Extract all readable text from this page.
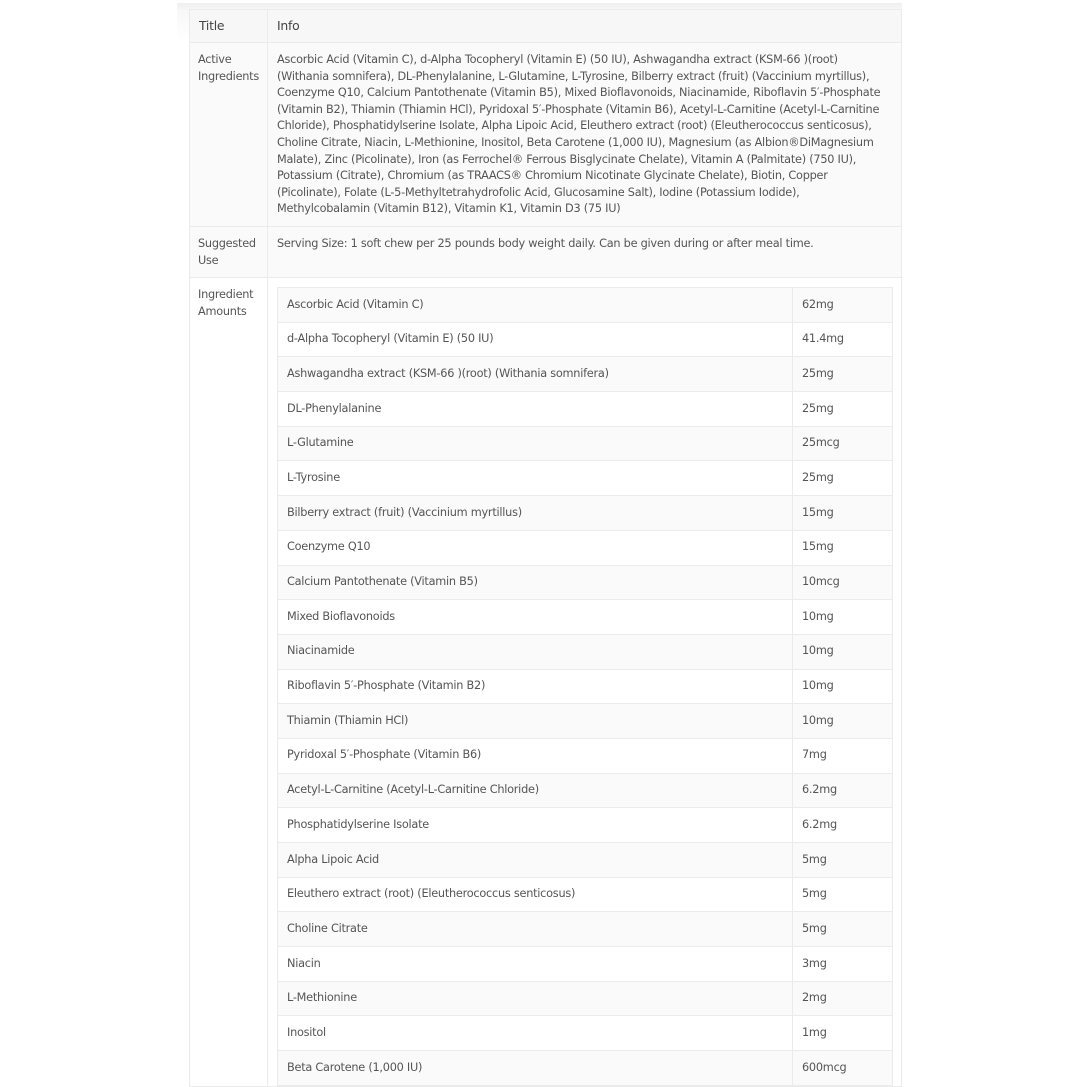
Title	Info
Active Ingredients	Ascorbic Acid (Vitamin C), d-Alpha Tocopheryl (Vitamin E) (50 IU), Ashwagandha extract (KSM-66 )(root) (Withania somnifera), DL-Phenylalanine, L-Glutamine, L-Tyrosine, Bilberry extract (fruit) (Vaccinium myrtillus), Coenzyme Q10, Calcium Pantothenate (Vitamin B5), Mixed Bioflavonoids, Niacinamide, Riboflavin 5′-Phosphate (Vitamin B2), Thiamin (Thiamin HCl), Pyridoxal 5′-Phosphate (Vitamin B6), Acetyl-L-Carnitine (Acetyl-L-Carnitine Chloride), Phosphatidylserine Isolate, Alpha Lipoic Acid, Eleuthero extract (root) (Eleutherococcus senticosus), Choline Citrate, Niacin, L-Methionine, Inositol, Beta Carotene (1,000 IU), Magnesium (as Albion®DiMagnesium Malate), Zinc (Picolinate), Iron (as Ferrochel® Ferrous Bisglycinate Chelate), Vitamin A (Palmitate) (750 IU), Potassium (Citrate), Chromium (as TRAACS® Chromium Nicotinate Glycinate Chelate), Biotin, Copper (Picolinate), Folate (L-5-Methyltetrahydrofolic Acid, Glucosamine Salt), Iodine (Potassium Iodide), Methylcobalamin (Vitamin B12), Vitamin K1, Vitamin D3 (75 IU)
Suggested Use	Serving Size: 1 soft chew per 25 pounds body weight daily. Can be given during or after meal time.
Ingredient Amounts	
Ascorbic Acid (Vitamin C)	62mg
d-Alpha Tocopheryl (Vitamin E) (50 IU)	41.4mg
Ashwagandha extract (KSM-66 )(root) (Withania somnifera)	25mg
DL-Phenylalanine	25mg
L-Glutamine	25mcg
L-Tyrosine	25mg
Bilberry extract (fruit) (Vaccinium myrtillus)	15mg
Coenzyme Q10	15mg
Calcium Pantothenate (Vitamin B5)	10mcg
Mixed Bioflavonoids	10mg
Niacinamide	10mg
Riboflavin 5′-Phosphate (Vitamin B2)	10mg
Thiamin (Thiamin HCl)	10mg
Pyridoxal 5′-Phosphate (Vitamin B6)	7mg
Acetyl-L-Carnitine (Acetyl-L-Carnitine Chloride)	6.2mg
Phosphatidylserine Isolate	6.2mg
Alpha Lipoic Acid	5mg
Eleuthero extract (root) (Eleutherococcus senticosus)	5mg
Choline Citrate	5mg
Niacin	3mg
L-Methionine	2mg
Inositol	1mg
Beta Carotene (1,000 IU)	600mcg
